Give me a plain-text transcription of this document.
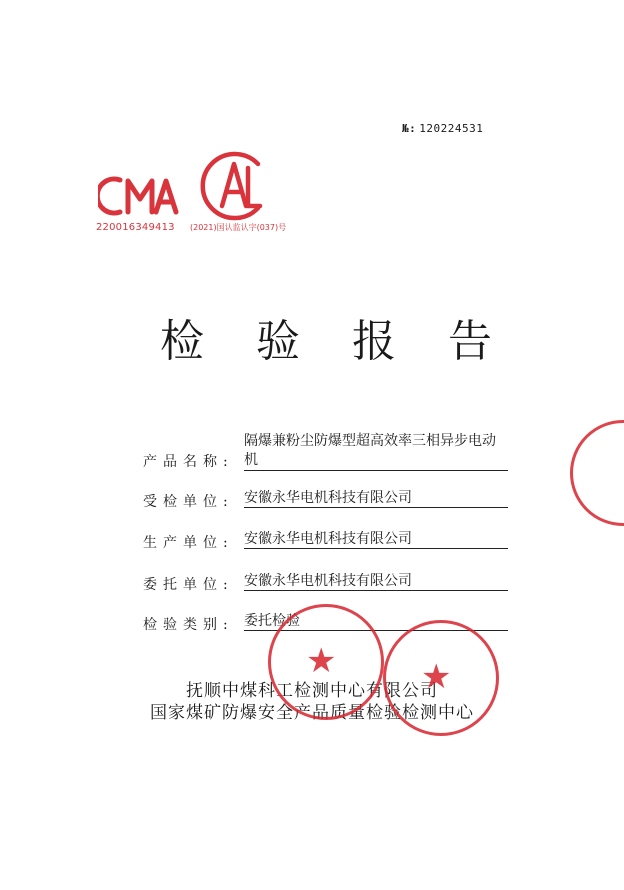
№: 120224531
220016349413 (2021)国认监认字(037)号
检验报告
产品名称:
隔爆兼粉尘防爆型超高效率三相异步电动机
受检单位: 安徽永华电机科技有限公司
生产单位: 安徽永华电机科技有限公司
委托单位: 安徽永华电机科技有限公司
检验类别: 委托检验
抚顺中煤科工检测中心有限公司
国家煤矿防爆安全产品质量检验检测中心
★ ★
